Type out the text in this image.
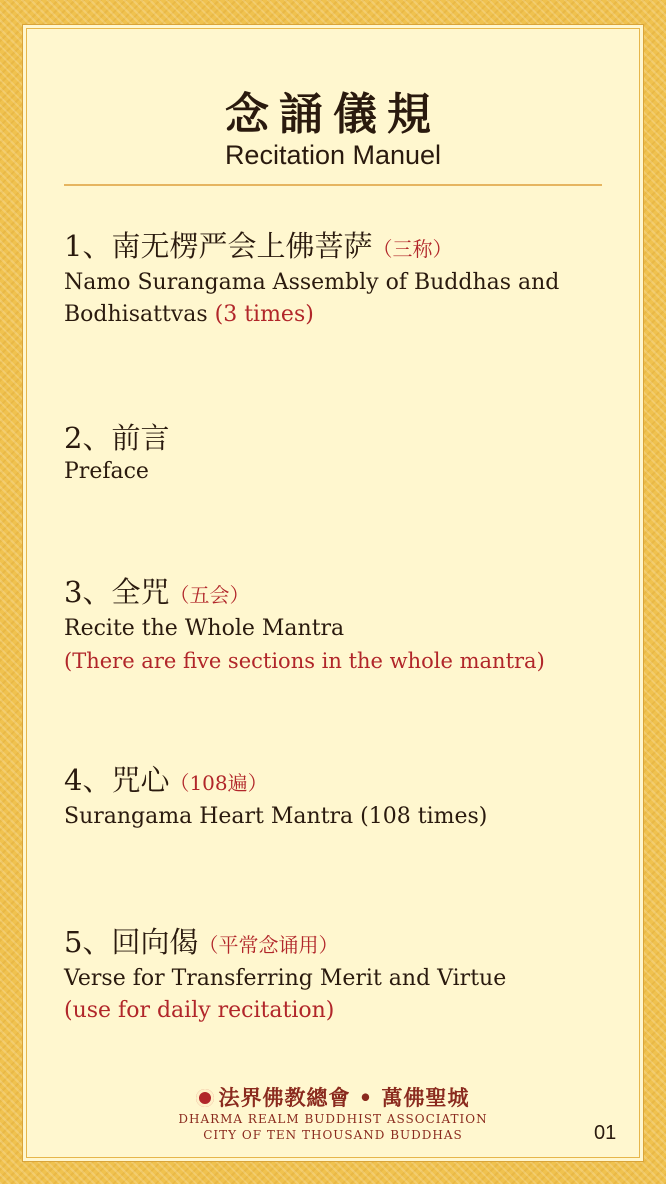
念誦儀規
Recitation Manuel
1、南无楞严会上佛菩萨（三称）
Namo Surangama Assembly of Buddhas and
Bodhisattvas (3 times)
2、前言
Preface
3、全咒（五会）
Recite the Whole Mantra
(There are five sections in the whole mantra)
4、咒心（108遍）
Surangama Heart Mantra (108 times)
5、回向偈（平常念诵用）
Verse for Transferring Merit and Virtue
(use for daily recitation)
法界佛教總會 • 萬佛聖城
DHARMA REALM BUDDHIST ASSOCIATION
CITY OF TEN THOUSAND BUDDHAS	01
